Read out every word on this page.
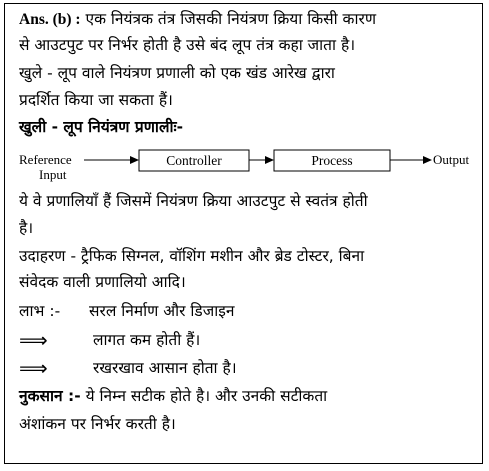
Ans. (b) : एक नियंत्रक तंत्र जिसकी नियंत्रण क्रिया किसी कारण
से आउटपुट पर निर्भर होती है उसे बंद लूप तंत्र कहा जाता है।
खुले - लूप वाले नियंत्रण प्रणाली को एक खंड आरेख द्वारा
प्रदर्शित किया जा सकता हैं।
खुली - लूप नियंत्रण प्रणालीः-
Reference
Input
Controller	Process	Output
ये वे प्रणालियाँ हैं जिसमें नियंत्रण क्रिया आउटपुट से स्वतंत्र होती
है।
उदाहरण - ट्रैफिक सिग्नल, वॉशिंग मशीन और ब्रेड टोस्टर, बिना
संवेदक वाली प्रणालियो आदि।
लाभ :- सरल निर्माण और डिजाइन
⟹	लागत कम होती हैं।
⟹	रखरखाव आसान होता है।
नुकसान :- ये निम्न सटीक होते है। और उनकी सटीकता
अंशांकन पर निर्भर करती है।
